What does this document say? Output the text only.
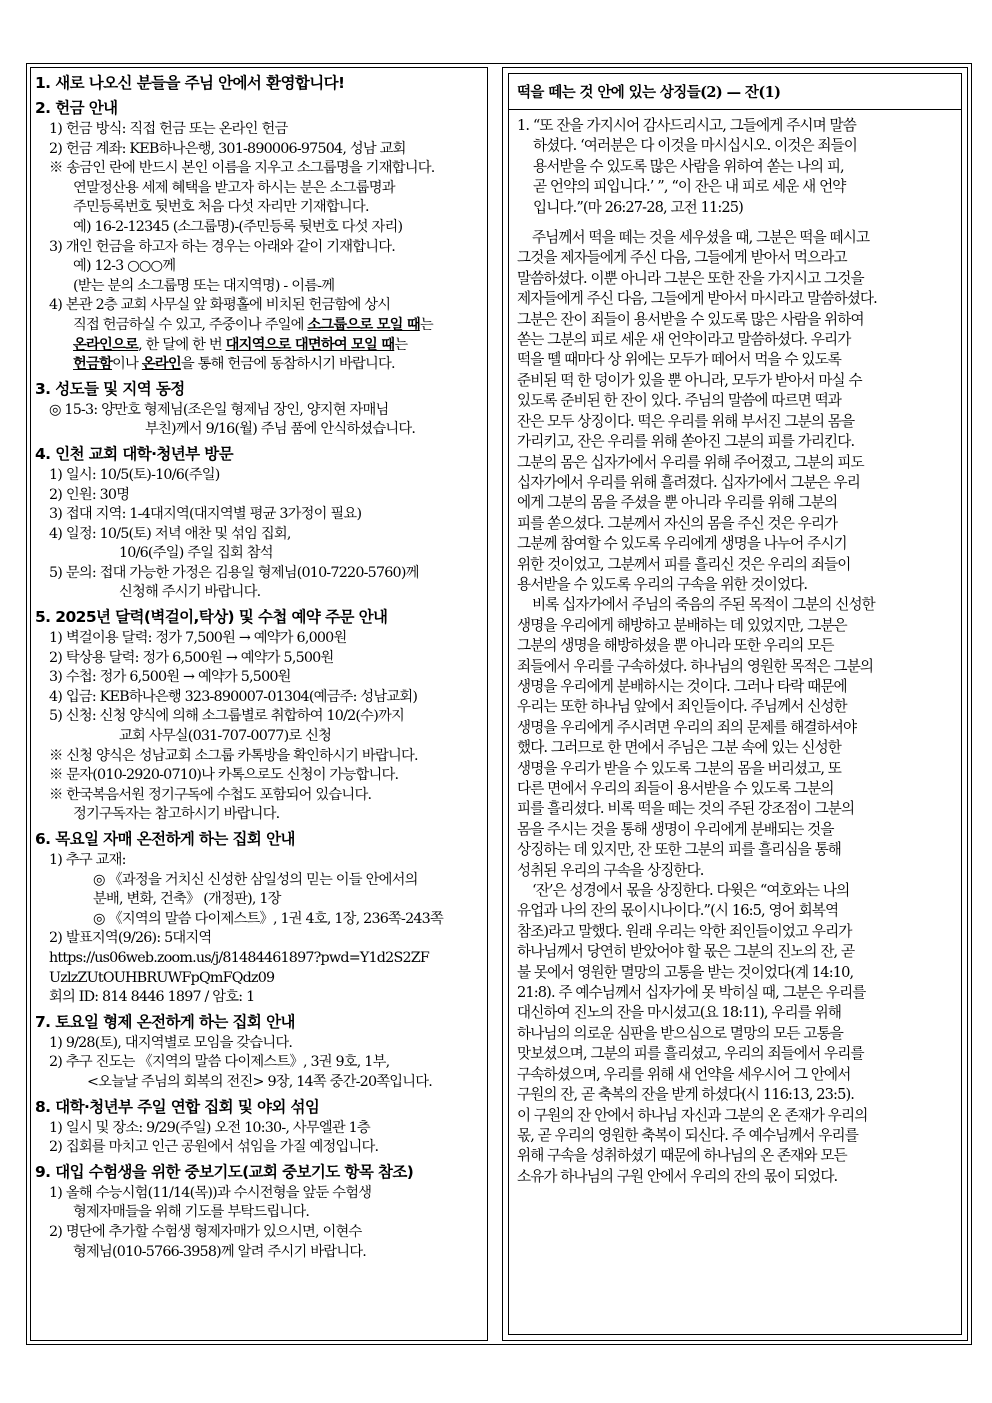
1. 새로 나오신 분들을 주님 안에서 환영합니다!
2. 헌금 안내
1) 헌금 방식: 직접 헌금 또는 온라인 헌금
2) 헌금 계좌: KEB하나은행, 301-890006-97504, 성남 교회
※ 송금인 란에 반드시 본인 이름을 지우고 소그룹명을 기재합니다.
연말정산용 세제 혜택을 받고자 하시는 분은 소그룹명과
주민등록번호 뒷번호 처음 다섯 자리만 기재합니다.
예) 16-2-12345 (소그룹명)-(주민등록 뒷번호 다섯 자리)
3) 개인 헌금을 하고자 하는 경우는 아래와 같이 기재합니다.
예) 12-3 ○○○께
(받는 분의 소그룹명 또는 대지역명) - 이름-께
4) 본관 2층 교회 사무실 앞 화평홀에 비치된 헌금함에 상시
직접 헌금하실 수 있고, 주중이나 주일에 소그룹으로 모일 때는
온라인으로, 한 달에 한 번 대지역으로 대면하여 모일 때는
헌금함이나 온라인을 통해 헌금에 동참하시기 바랍니다.
3. 성도들 및 지역 동정
◎ 15-3: 양만호 형제님(조은일 형제님 장인, 양지현 자매님
부친)께서 9/16(월) 주님 품에 안식하셨습니다.
4. 인천 교회 대학·청년부 방문
1) 일시: 10/5(토)-10/6(주일)
2) 인원: 30명
3) 접대 지역: 1-4대지역(대지역별 평균 3가정이 필요)
4) 일정: 10/5(토) 저녁 애찬 및 섞임 집회,
10/6(주일) 주일 집회 참석
5) 문의: 접대 가능한 가정은 김용일 형제님(010-7220-5760)께
신청해 주시기 바랍니다.
5. 2025년 달력(벽걸이,탁상) 및 수첩 예약 주문 안내
1) 벽걸이용 달력: 정가 7,500원 → 예약가 6,000원
2) 탁상용 달력: 정가 6,500원 → 예약가 5,500원
3) 수첩: 정가 6,500원 → 예약가 5,500원
4) 입금: KEB하나은행 323-890007-01304(예금주: 성남교회)
5) 신청: 신청 양식에 의해 소그룹별로 취합하여 10/2(수)까지
교회 사무실(031-707-0077)로 신청
※ 신청 양식은 성남교회 소그룹 카톡방을 확인하시기 바랍니다.
※ 문자(010-2920-0710)나 카톡으로도 신청이 가능합니다.
※ 한국복음서원 정기구독에 수첩도 포함되어 있습니다.
정기구독자는 참고하시기 바랍니다.
6. 목요일 자매 온전하게 하는 집회 안내
1) 추구 교재:
◎ 《과정을 거치신 신성한 삼일성의 믿는 이들 안에서의
분배, 변화, 건축》 (개정판), 1장
◎ 《지역의 말씀 다이제스트》, 1권 4호, 1장, 236쪽-243쪽
2) 발표지역(9/26): 5대지역
https://us06web.zoom.us/j/81484461897?pwd=Y1d2S2ZF
UzlzZUtOUHBRUWFpQmFQdz09
회의 ID: 814 8446 1897 / 암호: 1
7. 토요일 형제 온전하게 하는 집회 안내
1) 9/28(토), 대지역별로 모임을 갖습니다.
2) 추구 진도는 《지역의 말씀 다이제스트》, 3권 9호, 1부,
<오늘날 주님의 회복의 전진> 9장, 14쪽 중간-20쪽입니다.
8. 대학·청년부 주일 연합 집회 및 야외 섞임
1) 일시 및 장소: 9/29(주일) 오전 10:30-, 사무엘관 1층
2) 집회를 마치고 인근 공원에서 섞임을 가질 예정입니다.
9. 대입 수험생을 위한 중보기도(교회 중보기도 항목 참조)
1) 올해 수능시험(11/14(목))과 수시전형을 앞둔 수험생
형제자매들을 위해 기도를 부탁드립니다.
2) 명단에 추가할 수험생 형제자매가 있으시면, 이현수
형제님(010-5766-3958)께 알려 주시기 바랍니다.
떡을 떼는 것 안에 있는 상징들(2) — 잔(1)
1. “또 잔을 가지시어 감사드리시고, 그들에게 주시며 말씀
하셨다. ‘여러분은 다 이것을 마시십시오. 이것은 죄들이
용서받을 수 있도록 많은 사람을 위하여 쏟는 나의 피,
곧 언약의 피입니다.’ ”, “이 잔은 내 피로 세운 새 언약
입니다.”(마 26:27-28, 고전 11:25)
주님께서 떡을 떼는 것을 세우셨을 때, 그분은 떡을 떼시고
그것을 제자들에게 주신 다음, 그들에게 받아서 먹으라고
말씀하셨다. 이뿐 아니라 그분은 또한 잔을 가지시고 그것을
제자들에게 주신 다음, 그들에게 받아서 마시라고 말씀하셨다.
그분은 잔이 죄들이 용서받을 수 있도록 많은 사람을 위하여
쏟는 그분의 피로 세운 새 언약이라고 말씀하셨다. 우리가
떡을 뗄 때마다 상 위에는 모두가 떼어서 먹을 수 있도록
준비된 떡 한 덩이가 있을 뿐 아니라, 모두가 받아서 마실 수
있도록 준비된 한 잔이 있다. 주님의 말씀에 따르면 떡과
잔은 모두 상징이다. 떡은 우리를 위해 부서진 그분의 몸을
가리키고, 잔은 우리를 위해 쏟아진 그분의 피를 가리킨다.
그분의 몸은 십자가에서 우리를 위해 주어졌고, 그분의 피도
십자가에서 우리를 위해 흘려졌다. 십자가에서 그분은 우리
에게 그분의 몸을 주셨을 뿐 아니라 우리를 위해 그분의
피를 쏟으셨다. 그분께서 자신의 몸을 주신 것은 우리가
그분께 참여할 수 있도록 우리에게 생명을 나누어 주시기
위한 것이었고, 그분께서 피를 흘리신 것은 우리의 죄들이
용서받을 수 있도록 우리의 구속을 위한 것이었다.
비록 십자가에서 주님의 죽음의 주된 목적이 그분의 신성한
생명을 우리에게 해방하고 분배하는 데 있었지만, 그분은
그분의 생명을 해방하셨을 뿐 아니라 또한 우리의 모든
죄들에서 우리를 구속하셨다. 하나님의 영원한 목적은 그분의
생명을 우리에게 분배하시는 것이다. 그러나 타락 때문에
우리는 또한 하나님 앞에서 죄인들이다. 주님께서 신성한
생명을 우리에게 주시려면 우리의 죄의 문제를 해결하셔야
했다. 그러므로 한 면에서 주님은 그분 속에 있는 신성한
생명을 우리가 받을 수 있도록 그분의 몸을 버리셨고, 또
다른 면에서 우리의 죄들이 용서받을 수 있도록 그분의
피를 흘리셨다. 비록 떡을 떼는 것의 주된 강조점이 그분의
몸을 주시는 것을 통해 생명이 우리에게 분배되는 것을
상징하는 데 있지만, 잔 또한 그분의 피를 흘리심을 통해
성취된 우리의 구속을 상징한다.
‘잔’은 성경에서 몫을 상징한다. 다윗은 “여호와는 나의
유업과 나의 잔의 몫이시나이다.”(시 16:5, 영어 회복역
참조)라고 말했다. 원래 우리는 악한 죄인들이었고 우리가
하나님께서 당연히 받았어야 할 몫은 그분의 진노의 잔, 곧
불 못에서 영원한 멸망의 고통을 받는 것이었다(계 14:10,
21:8). 주 예수님께서 십자가에 못 박히실 때, 그분은 우리를
대신하여 진노의 잔을 마시셨고(요 18:11), 우리를 위해
하나님의 의로운 심판을 받으심으로 멸망의 모든 고통을
맛보셨으며, 그분의 피를 흘리셨고, 우리의 죄들에서 우리를
구속하셨으며, 우리를 위해 새 언약을 세우시어 그 안에서
구원의 잔, 곧 축복의 잔을 받게 하셨다(시 116:13, 23:5).
이 구원의 잔 안에서 하나님 자신과 그분의 온 존재가 우리의
몫, 곧 우리의 영원한 축복이 되신다. 주 예수님께서 우리를
위해 구속을 성취하셨기 때문에 하나님의 온 존재와 모든
소유가 하나님의 구원 안에서 우리의 잔의 몫이 되었다.
